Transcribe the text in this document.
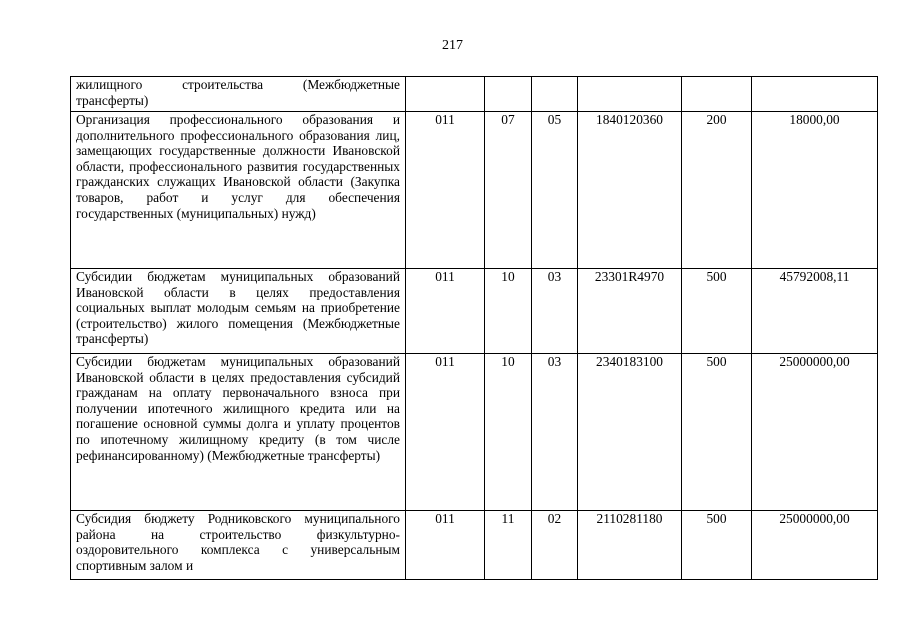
217
жилищного строительства (Межбюджетные трансферты)						
Организация профессионального образования и дополнительного профессионального образования лиц, замещающих государственные должности Ивановской области, профессионального развития государственных гражданских служащих Ивановской области (Закупка товаров, работ и услуг для обеспечения государственных (муниципальных) нужд)	011	07	05	1840120360	200	18000,00
Субсидии бюджетам муниципальных образований Ивановской области в целях предоставления социальных выплат молодым семьям на приобретение (строительство) жилого помещения (Межбюджетные трансферты)	011	10	03	23301R4970	500	45792008,11
Субсидии бюджетам муниципальных образований Ивановской области в целях предоставления субсидий гражданам на оплату первоначального взноса при получении ипотечного жилищного кредита или на погашение основной суммы долга и уплату процентов по ипотечному жилищному кредиту (в том числе рефинансированному) (Межбюджетные трансферты)	011	10	03	2340183100	500	25000000,00
Субсидия бюджету Родниковского муниципального района на строительство физкультурно-оздоровительного комплекса с универсальным спортивным залом и	011	11	02	2110281180	500	25000000,00
